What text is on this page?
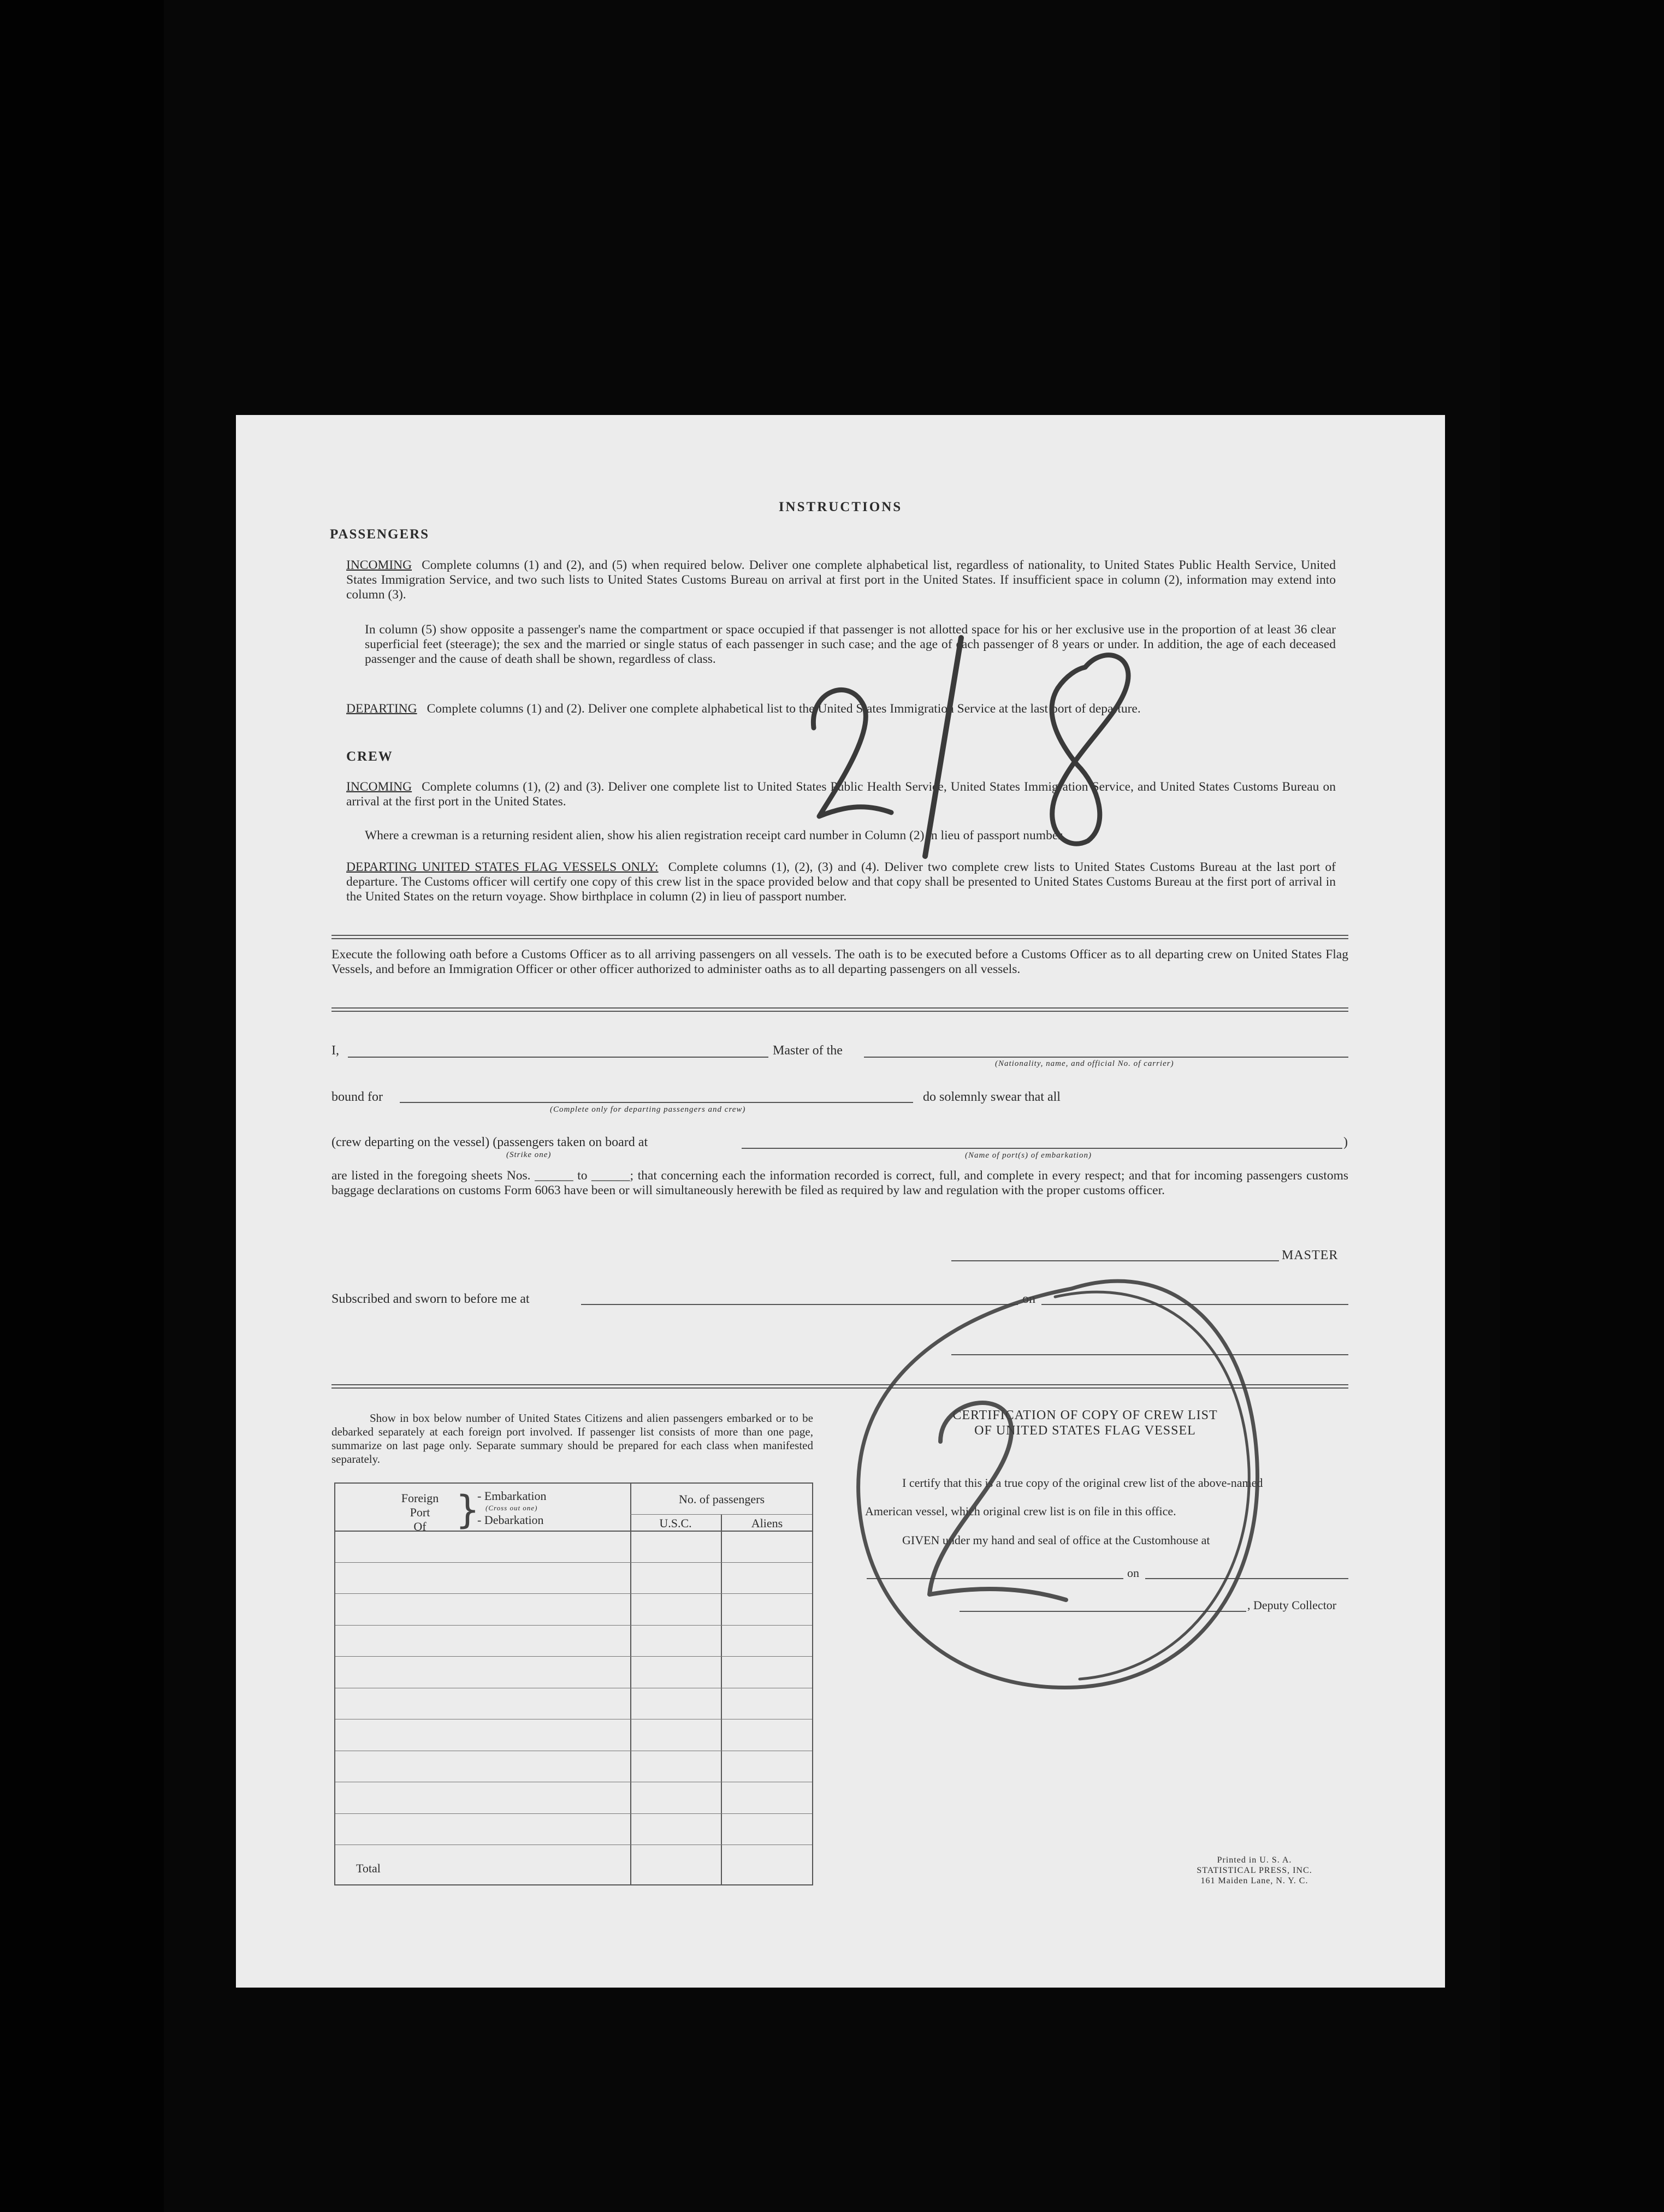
INSTRUCTIONS
PASSENGERS
INCOMING Complete columns (1) and (2), and (5) when required below. Deliver one complete alphabetical list, regardless of nationality, to United States Public Health Service, United States Immigration Service, and two such lists to United States Customs Bureau on arrival at first port in the United States. If insufficient space in column (2), information may extend into column (3).
In column (5) show opposite a passenger's name the compartment or space occupied if that passenger is not allotted space for his or her exclusive use in the proportion of at least 36 clear superficial feet (steerage); the sex and the married or single status of each passenger in such case; and the age of each passenger of 8 years or under. In addition, the age of each deceased passenger and the cause of death shall be shown, regardless of class.
DEPARTING Complete columns (1) and (2). Deliver one complete alphabetical list to the United States Immigration Service at the last port of departure.
CREW
INCOMING Complete columns (1), (2) and (3). Deliver one complete list to United States Public Health Service, United States Immigration Service, and United States Customs Bureau on arrival at the first port in the United States.
Where a crewman is a returning resident alien, show his alien registration receipt card number in Column (2) in lieu of passport number.
DEPARTING UNITED STATES FLAG VESSELS ONLY: Complete columns (1), (2), (3) and (4). Deliver two complete crew lists to United States Customs Bureau at the last port of departure. The Customs officer will certify one copy of this crew list in the space provided below and that copy shall be presented to United States Customs Bureau at the first port of arrival in the United States on the return voyage. Show birthplace in column (2) in lieu of passport number.
Execute the following oath before a Customs Officer as to all arriving passengers on all vessels. The oath is to be executed before a Customs Officer as to all departing crew on United States Flag Vessels, and before an Immigration Officer or other officer authorized to administer oaths as to all departing passengers on all vessels.
I,	Master of the
(Nationality, name, and official No. of carrier)
bound for
(Complete only for departing passengers and crew)
do solemnly swear that all
(crew departing on the vessel) (passengers taken on board at
(Strike one)
)
(Name of port(s) of embarkation)
are listed in the foregoing sheets Nos. ______ to ______; that concerning each the information recorded is correct, full, and complete in every respect; and that for incoming passengers customs baggage declarations on customs Form 6063 have been or will simultaneously herewith be filed as required by law and regulation with the proper customs officer.
MASTER
Subscribed and sworn to before me at	on
Show in box below number of United States Citizens and alien passengers embarked or to be debarked separately at each foreign port involved. If passenger list consists of more than one page, summarize on last page only. Separate summary should be prepared for each class when manifested separately.
Foreign
Port
Of }
- Embarkation
(Cross out one)
- Debarkation
No. of passengers
U.S.C.	Aliens
Total
CERTIFICATION OF COPY OF CREW LIST
OF UNITED STATES FLAG VESSEL
I certify that this is a true copy of the original crew list of the above-named
American vessel, which original crew list is on file in this office.
GIVEN under my hand and seal of office at the Customhouse at
on
, Deputy Collector
Printed in U. S. A.
STATISTICAL PRESS, INC.
161 Maiden Lane, N. Y. C.
